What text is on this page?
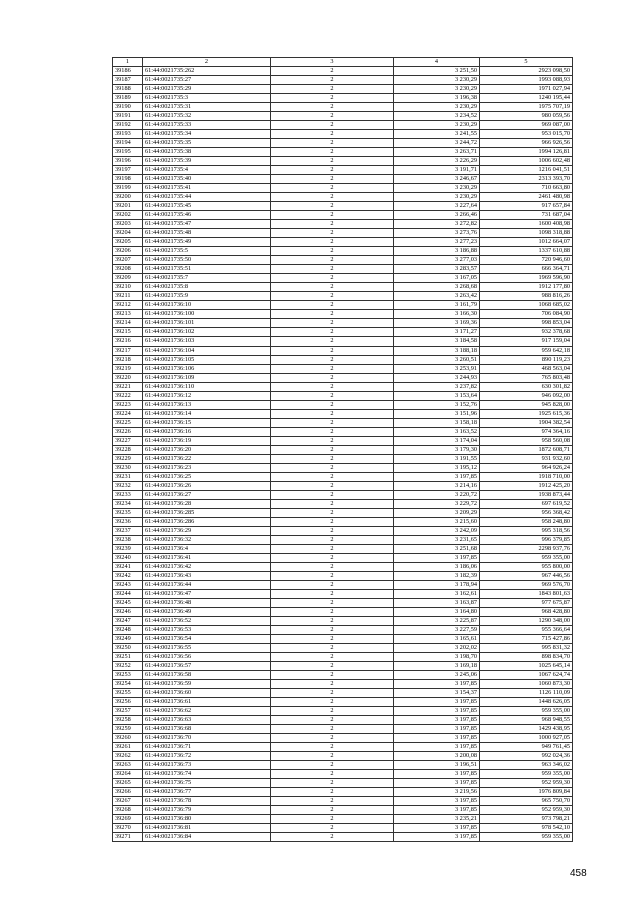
1	2	3	4	5
39186	61:44:0021735:262	2	3 251,50	2923 098,50
39187	61:44:0021735:27	2	3 230,29	1993 088,93
39188	61:44:0021735:29	2	3 230,29	1971 027,94
39189	61:44:0021735:3	2	3 196,38	1240 195,44
39190	61:44:0021735:31	2	3 230,29	1975 707,19
39191	61:44:0021735:32	2	3 234,52	980 059,56
39192	61:44:0021735:33	2	3 230,29	969 087,00
39193	61:44:0021735:34	2	3 241,55	953 015,70
39194	61:44:0021735:35	2	3 244,72	966 926,56
39195	61:44:0021735:38	2	3 263,71	1994 126,81
39196	61:44:0021735:39	2	3 226,29	1006 602,48
39197	61:44:0021735:4	2	3 191,71	1216 041,51
39198	61:44:0021735:40	2	3 246,67	2313 393,70
39199	61:44:0021735:41	2	3 230,29	710 663,80
39200	61:44:0021735:44	2	3 230,29	2461 480,98
39201	61:44:0021735:45	2	3 227,64	917 657,84
39202	61:44:0021735:46	2	3 266,46	731 687,04
39203	61:44:0021735:47	2	3 272,82	1600 408,98
39204	61:44:0021735:48	2	3 273,76	1098 318,88
39205	61:44:0021735:49	2	3 277,23	1012 664,07
39206	61:44:0021735:5	2	3 186,88	1337 610,88
39207	61:44:0021735:50	2	3 277,03	720 946,60
39208	61:44:0021735:51	2	3 283,57	666 364,71
39209	61:44:0021735:7	2	3 167,05	1969 596,90
39210	61:44:0021735:8	2	3 268,68	1912 177,80
39211	61:44:0021735:9	2	3 263,42	988 816,26
39212	61:44:0021736:10	2	3 161,79	1068 685,02
39213	61:44:0021736:100	2	3 166,30	706 084,90
39214	61:44:0021736:101	2	3 169,36	998 853,04
39215	61:44:0021736:102	2	3 171,27	932 378,68
39216	61:44:0021736:103	2	3 184,58	917 159,04
39217	61:44:0021736:104	2	3 188,18	959 642,18
39218	61:44:0021736:105	2	3 260,51	890 119,23
39219	61:44:0021736:106	2	3 253,91	468 563,04
39220	61:44:0021736:109	2	3 244,93	765 803,48
39221	61:44:0021736:110	2	3 237,82	630 301,82
39222	61:44:0021736:12	2	3 153,64	946 092,00
39223	61:44:0021736:13	2	3 152,76	945 828,00
39224	61:44:0021736:14	2	3 151,96	1925 615,36
39225	61:44:0021736:15	2	3 158,18	1904 382,54
39226	61:44:0021736:16	2	3 163,52	974 364,16
39227	61:44:0021736:19	2	3 174,04	958 560,08
39228	61:44:0021736:20	2	3 179,30	1872 608,71
39229	61:44:0021736:22	2	3 191,55	931 932,60
39230	61:44:0021736:23	2	3 195,12	964 926,24
39231	61:44:0021736:25	2	3 197,85	1918 710,00
39232	61:44:0021736:26	2	3 214,16	1912 425,20
39233	61:44:0021736:27	2	3 220,72	1938 873,44
39234	61:44:0021736:28	2	3 229,72	697 619,52
39235	61:44:0021736:285	2	3 209,29	956 368,42
39236	61:44:0021736:286	2	3 215,60	958 248,80
39237	61:44:0021736:29	2	3 242,09	995 318,56
39238	61:44:0021736:32	2	3 231,65	996 379,85
39239	61:44:0021736:4	2	3 251,68	2298 937,76
39240	61:44:0021736:41	2	3 197,85	959 355,00
39241	61:44:0021736:42	2	3 186,06	955 800,00
39242	61:44:0021736:43	2	3 182,39	967 446,56
39243	61:44:0021736:44	2	3 178,94	969 576,70
39244	61:44:0021736:47	2	3 162,61	1843 801,63
39245	61:44:0021736:48	2	3 163,87	977 675,87
39246	61:44:0021736:49	2	3 164,80	968 428,80
39247	61:44:0021736:52	2	3 225,87	1290 348,00
39248	61:44:0021736:53	2	3 227,59	955 366,64
39249	61:44:0021736:54	2	3 165,61	715 427,86
39250	61:44:0021736:55	2	3 202,02	995 831,32
39251	61:44:0021736:56	2	3 198,70	898 834,70
39252	61:44:0021736:57	2	3 169,18	1025 645,14
39253	61:44:0021736:58	2	3 245,06	1067 624,74
39254	61:44:0021736:59	2	3 197,85	1060 873,30
39255	61:44:0021736:60	2	3 154,37	1126 110,09
39256	61:44:0021736:61	2	3 197,85	1448 626,05
39257	61:44:0021736:62	2	3 197,85	959 355,00
39258	61:44:0021736:63	2	3 197,85	968 948,55
39259	61:44:0021736:68	2	3 197,85	1429 438,95
39260	61:44:0021736:70	2	3 197,85	1000 927,05
39261	61:44:0021736:71	2	3 197,85	949 761,45
39262	61:44:0021736:72	2	3 200,08	992 024,36
39263	61:44:0021736:73	2	3 196,51	963 346,02
39264	61:44:0021736:74	2	3 197,85	959 355,00
39265	61:44:0021736:75	2	3 197,85	952 959,30
39266	61:44:0021736:77	2	3 219,56	1976 809,84
39267	61:44:0021736:78	2	3 197,85	965 750,70
39268	61:44:0021736:79	2	3 197,85	952 959,30
39269	61:44:0021736:80	2	3 235,21	973 798,21
39270	61:44:0021736:81	2	3 197,85	978 542,10
39271	61:44:0021736:84	2	3 197,85	959 355,00
458
